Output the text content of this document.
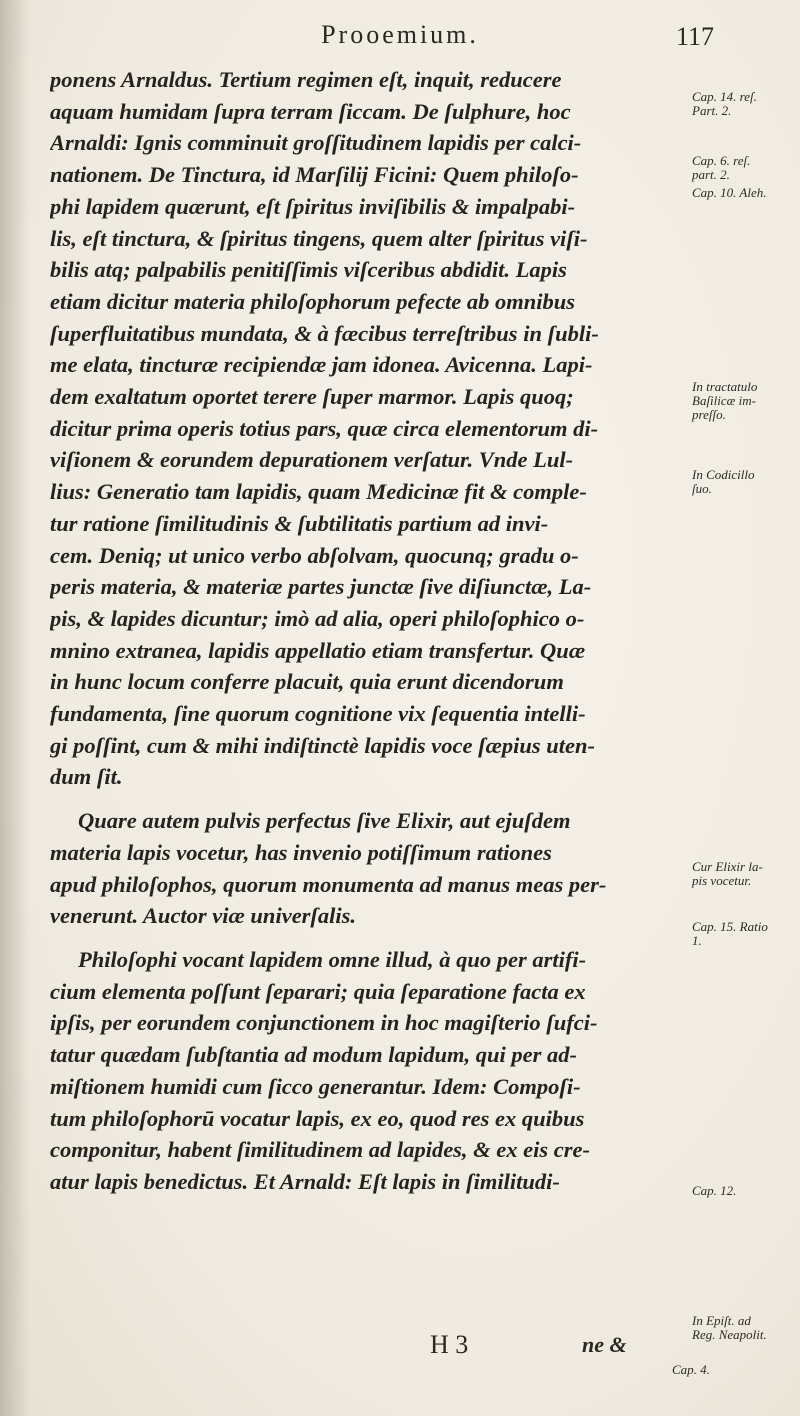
Prooemium.	117
ponens Arnaldus. Tertium regimen eſt, inquit, reducere
aquam humidam ſupra terram ſiccam. De ſulphure, hoc
Arnaldi: Ignis comminuit groſſitudinem lapidis per calci-
nationem. De Tinctura, id Marſilij Ficini: Quem philoſo-
phi lapidem quærunt, eſt ſpiritus inviſibilis & impalpabi-
lis, eſt tinctura, & ſpiritus tingens, quem alter ſpiritus viſi-
bilis atq; palpabilis penitiſſimis viſceribus abdidit. Lapis
etiam dicitur materia philoſophorum pefecte ab omnibus
ſuperfluitatibus mundata, & à fæcibus terreſtribus in ſubli-
me elata, tincturæ recipiendæ jam idonea. Avicenna. Lapi-
dem exaltatum oportet terere ſuper marmor. Lapis quoq;
dicitur prima operis totius pars, quæ circa elementorum di-
viſionem & eorundem depurationem verſatur. Vnde Lul-
lius: Generatio tam lapidis, quam Medicinæ fit & comple-
tur ratione ſimilitudinis & ſubtilitatis partium ad invi-
cem. Deniq; ut unico verbo abſolvam, quocunq; gradu o-
peris materia, & materiæ partes junctæ ſive diſiunctæ, La-
pis, & lapides dicuntur; imò ad alia, operi philoſophico o-
mnino extranea, lapidis appellatio etiam transfertur. Quæ
in hunc locum conferre placuit, quia erunt dicendorum
fundamenta, ſine quorum cognitione vix ſequentia intelli-
gi poſſint, cum & mihi indiſtinctè lapidis voce ſæpius uten-
dum ſit.
Quare autem pulvis perfectus ſive Elixir, aut ejuſdem
materia lapis vocetur, has invenio potiſſimum rationes
apud philoſophos, quorum monumenta ad manus meas per-
venerunt. Auctor viæ univerſalis.
Philoſophi vocant lapidem omne illud, à quo per artifi-
cium elementa poſſunt ſeparari; quia ſeparatione facta ex
ipſis, per eorundem conjunctionem in hoc magiſterio ſufci-
tatur quædam ſubſtantia ad modum lapidum, qui per ad-
miſtionem humidi cum ſicco generantur. Idem: Compoſi-
tum philoſophorū vocatur lapis, ex eo, quod res ex quibus
componitur, habent ſimilitudinem ad lapides, & ex eis cre-
atur lapis benedictus. Et Arnald: Eſt lapis in ſimilitudi-
Cap. 14. reſ.
Part. 2.
Cap. 6. reſ.
part. 2.
Cap. 10. Aleh.
In tractatulo
Baſilicæ im-
preſſo.
In Codicillo
ſuo.
Cur Elixir la-
pis vocetur.
Cap. 15. Ratio
1.
Cap. 12.
In Epiſt. ad
Reg. Neapolit.
H 3	ne &
Cap. 4.
